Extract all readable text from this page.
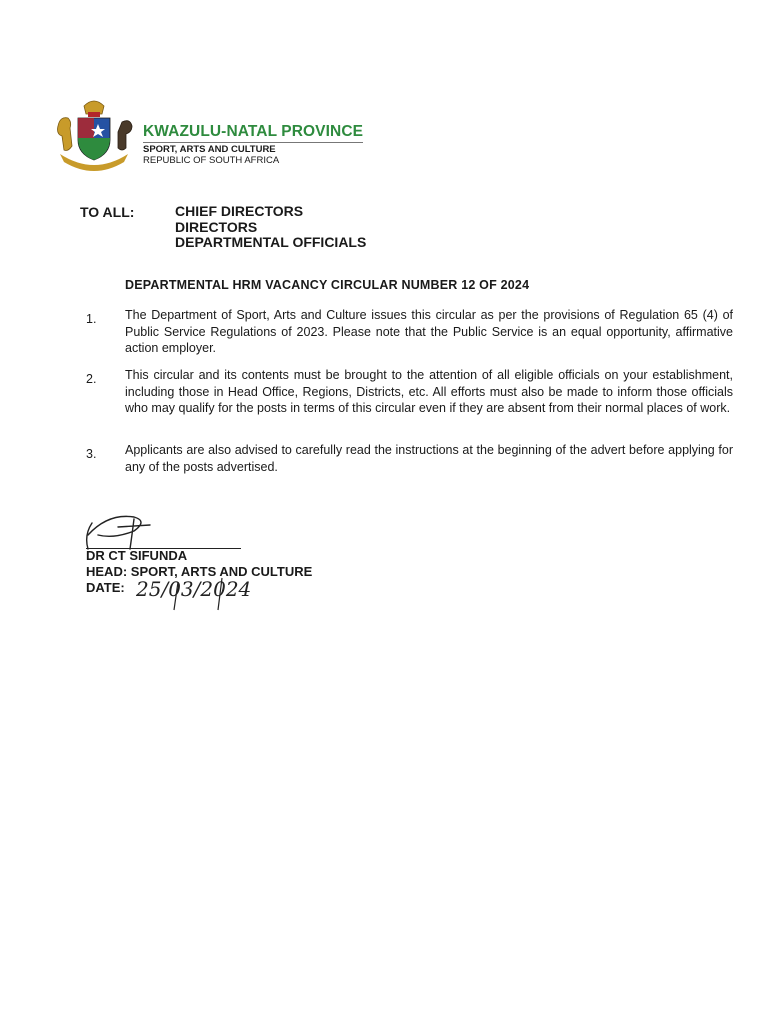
KWAZULU-NATAL PROVINCE
SPORT, ARTS AND CULTURE
REPUBLIC OF SOUTH AFRICA
TO ALL:	CHIEF DIRECTORS
DIRECTORS
DEPARTMENTAL OFFICIALS
DEPARTMENTAL HRM VACANCY CIRCULAR NUMBER 12 OF 2024
1. The Department of Sport, Arts and Culture issues this circular as per the provisions of Regulation 65 (4) of Public Service Regulations of 2023. Please note that the Public Service is an equal opportunity, affirmative action employer.
2. This circular and its contents must be brought to the attention of all eligible officials on your establishment, including those in Head Office, Regions, Districts, etc. All efforts must also be made to inform those officials who may qualify for the posts in terms of this circular even if they are absent from their normal places of work.
3. Applicants are also advised to carefully read the instructions at the beginning of the advert before applying for any of the posts advertised.
DR CT SIFUNDA
HEAD: SPORT, ARTS AND CULTURE
DATE: 25/03/2024
